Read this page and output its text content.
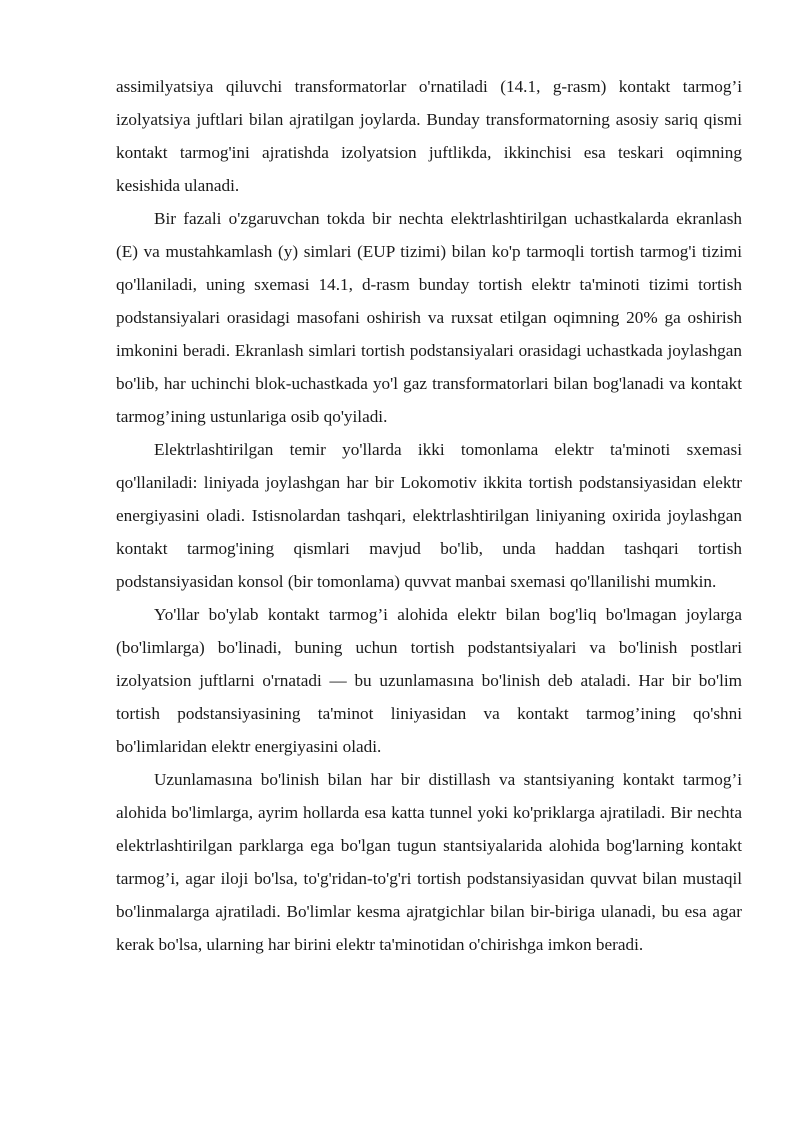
assimilyatsiya qiluvchi transformatorlar o'rnatiladi (14.1, g-rasm) kontakt tarmog’i izolyatsiya juftlari bilan ajratilgan joylarda. Bunday transformatorning asosiy sariq qismi kontakt tarmog'ini ajratishda izolyatsion juftlikda, ikkinchisi esa teskari oqimning kesishida ulanadi.

Bir fazali o'zgaruvchan tokda bir nechta elektrlashtirilgan uchastkalarda ekranlash (E) va mustahkamlash (y) simlari (EUP tizimi) bilan ko'p tarmoqli tortish tarmog'i tizimi qo'llaniladi, uning sxemasi 14.1, d-rasm bunday tortish elektr ta'minoti tizimi tortish podstansiyalari orasidagi masofani oshirish va ruxsat etilgan oqimning 20% ga oshirish imkonini beradi. Ekranlash simlari tortish podstansiyalari orasidagi uchastkada joylashgan bo'lib, har uchinchi blok-uchastkada yo'l gaz transformatorlari bilan bog'lanadi va kontakt tarmog’ining ustunlariga osib qo'yiladi.

Elektrlashtirilgan temir yo'llarda ikki tomonlama elektr ta'minoti sxemasi qo'llaniladi: liniyada joylashgan har bir Lokomotiv ikkita tortish podstansiyasidan elektr energiyasini oladi. Istisnolardan tashqari, elektrlashtirilgan liniyaning oxirida joylashgan kontakt tarmog'ining qismlari mavjud bo'lib, unda haddan tashqari tortish podstansiyasidan konsol (bir tomonlama) quvvat manbai sxemasi qo'llanilishi mumkin.

Yo'llar bo'ylab kontakt tarmog’i alohida elektr bilan bog'liq bo'lmagan joylarga (bo'limlarga) bo'linadi, buning uchun tortish podstantsiyalari va bo'linish postlari izolyatsion juftlarni o'rnatadi — bu uzunlamasına bo'linish deb ataladi. Har bir bo'lim tortish podstansiyasining ta'minot liniyasidan va kontakt tarmog’ining qo'shni bo'limlaridan elektr energiyasini oladi.

Uzunlamasına bo'linish bilan har bir distillash va stantsiyaning kontakt tarmog’i alohida bo'limlarga, ayrim hollarda esa katta tunnel yoki ko'priklarga ajratiladi. Bir nechta elektrlashtirilgan parklarga ega bo'lgan tugun stantsiyalarida alohida bog'larning kontakt tarmog’i, agar iloji bo'lsa, to'g'ridan-to'g'ri tortish podstansiyasidan quvvat bilan mustaqil bo'linmalarga ajratiladi. Bo'limlar kesma ajratgichlar bilan bir-biriga ulanadi, bu esa agar kerak bo'lsa, ularning har birini elektr ta'minotidan o'chirishga imkon beradi.
